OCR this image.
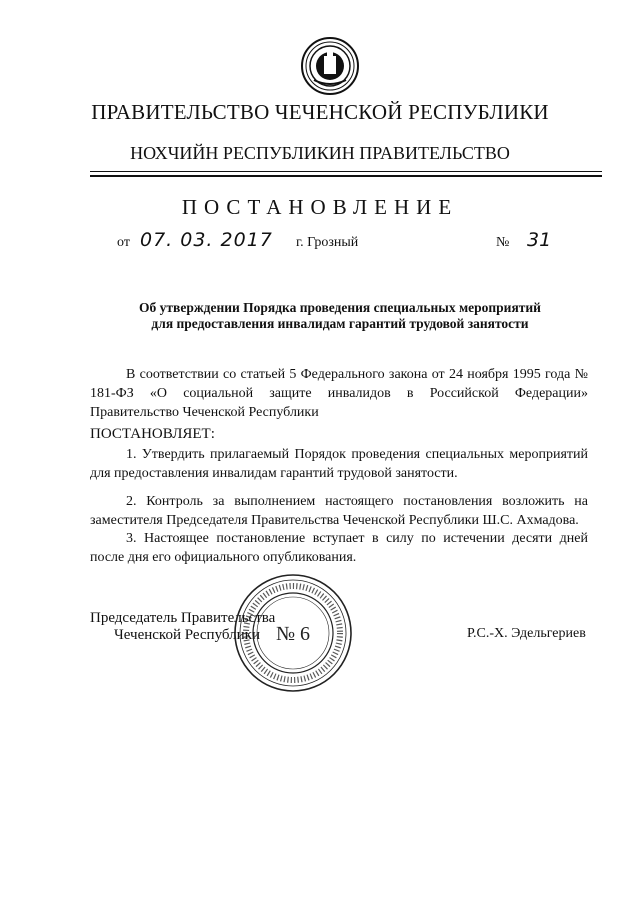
ПРАВИТЕЛЬСТВО ЧЕЧЕНСКОЙ РЕСПУБЛИКИ
НОХЧИЙН РЕСПУБЛИКИН ПРАВИТЕЛЬСТВО
ПОСТАНОВЛЕНИЕ
от 07. 03. 2017 г. Грозный	№ 31
Об утверждении Порядка проведения специальных мероприятий
для предоставления инвалидам гарантий трудовой занятости
В соответствии со статьей 5 Федерального закона от 24 ноября 1995 года № 181-ФЗ «О социальной защите инвалидов в Российской Федерации» Правительство Чеченской Республики
ПОСТАНОВЛЯЕТ:
1. Утвердить прилагаемый Порядок проведения специальных мероприятий для предоставления инвалидам гарантий трудовой занятости.
2. Контроль за выполнением настоящего постановления возложить на заместителя Председателя Правительства Чеченской Республики Ш.С. Ахмадова.
3. Настоящее постановление вступает в силу по истечении десяти дней после дня его официального опубликования.
Председатель Правительства
Чеченской Республики	Р.С.-Х. Эдельгериев
№ 6
